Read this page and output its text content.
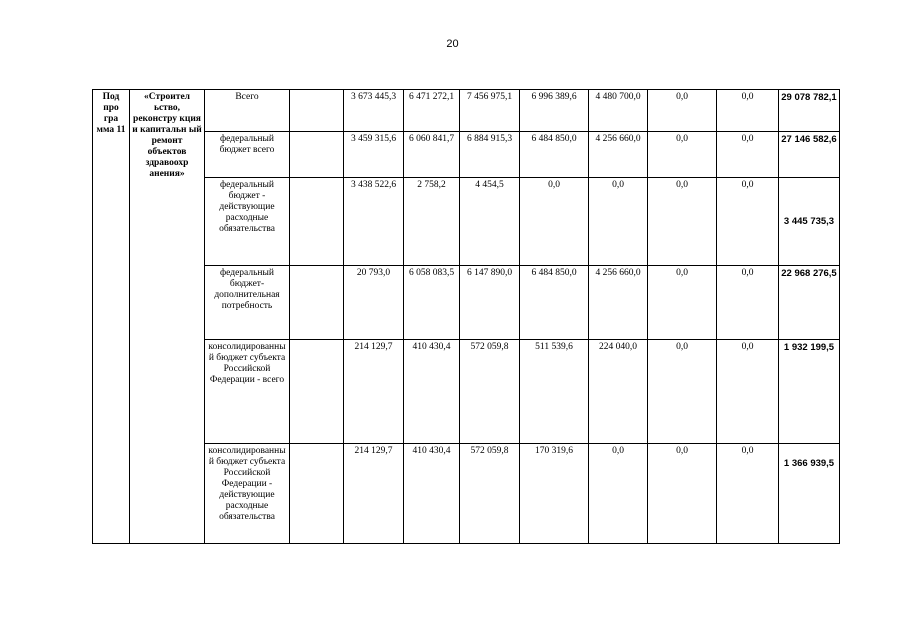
20
Под про гра мма 11	«Строител ьство, реконстру кция и капитальн ый ремонт объектов здравоохр анения»	Всего		3 673 445,3	6 471 272,1	7 456 975,1	6 996 389,6	4 480 700,0	0,0	0,0	29 078 782,1
		федеральный бюджет всего		3 459 315,6	6 060 841,7	6 884 915,3	6 484 850,0	4 256 660,0	0,0	0,0	27 146 582,6
		федеральный бюджет - действующие расходные обязательства		3 438 522,6	2 758,2	4 454,5	0,0	0,0	0,0	0,0	3 445 735,3
		федеральный бюджет- дополнительная потребность		20 793,0	6 058 083,5	6 147 890,0	6 484 850,0	4 256 660,0	0,0	0,0	22 968 276,5
		консолидированный бюджет субъекта Российской Федерации - всего		214 129,7	410 430,4	572 059,8	511 539,6	224 040,0	0,0	0,0	1 932 199,5
		консолидированный бюджет субъекта Российской Федерации - действующие расходные обязательства		214 129,7	410 430,4	572 059,8	170 319,6	0,0	0,0	0,0	1 366 939,5
